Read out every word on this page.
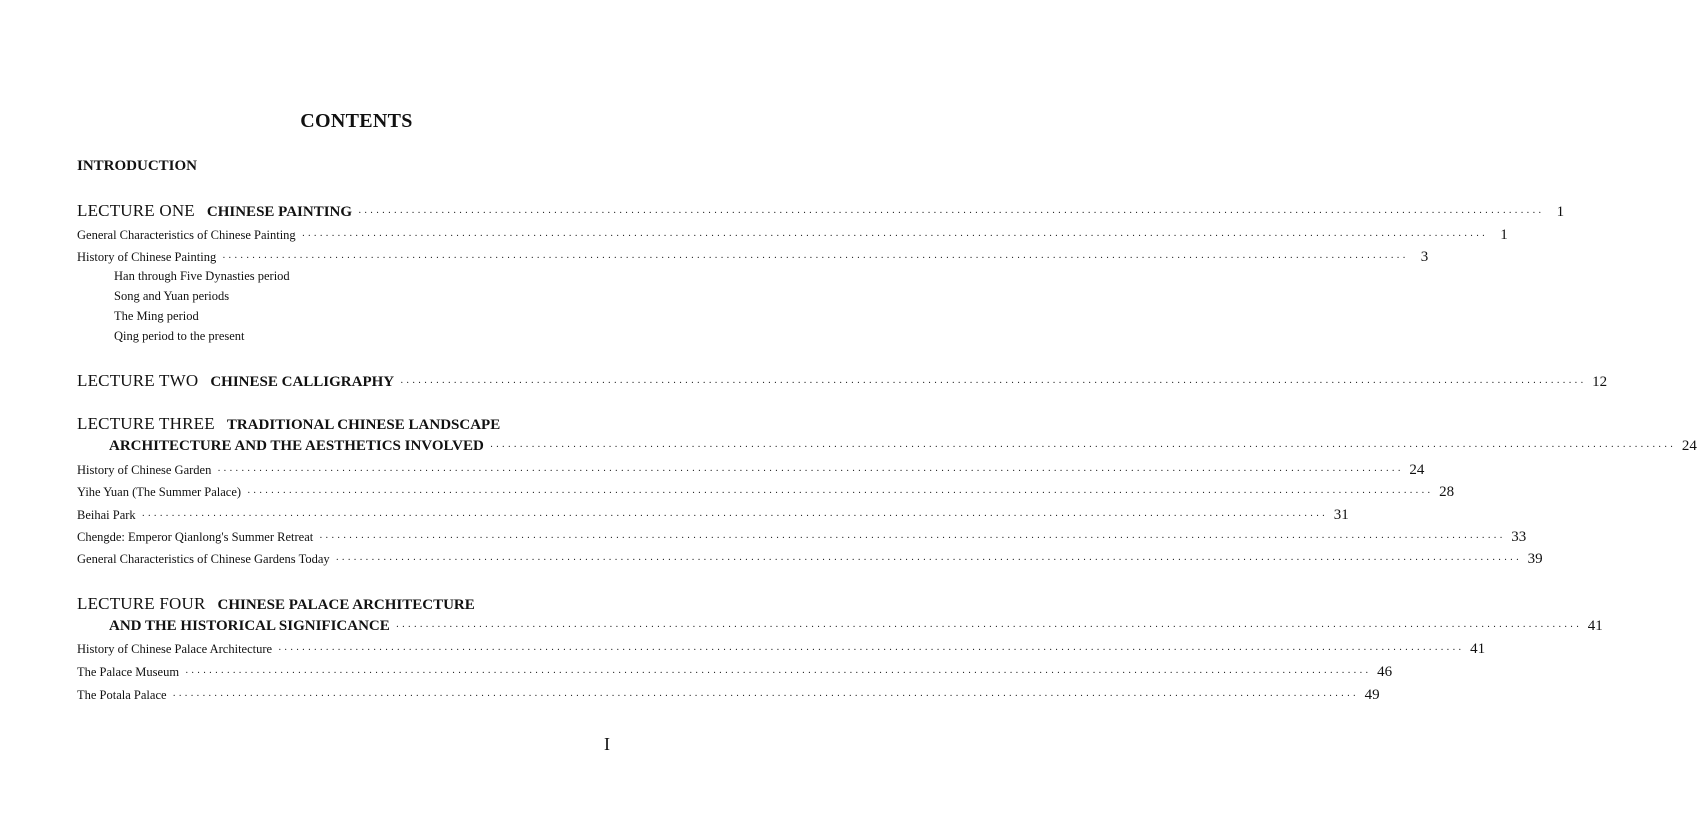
CONTENTS
INTRODUCTION
LECTURE ONE CHINESE PAINTING ········································································································································································································ 1
General Characteristics of Chinese Painting ········································································································································································································ 1
History of Chinese Painting ········································································································································································································ 3
Han through Five Dynasties period
Song and Yuan periods
The Ming period
Qing period to the present
LECTURE TWO CHINESE CALLIGRAPHY ········································································································································································································ 12
LECTURE THREE TRADITIONAL CHINESE LANDSCAPE
ARCHITECTURE AND THE AESTHETICS INVOLVED ········································································································································································································ 24
History of Chinese Garden ········································································································································································································ 24
Yihe Yuan (The Summer Palace) ········································································································································································································ 28
Beihai Park ········································································································································································································ 31
Chengde: Emperor Qianlong's Summer Retreat ········································································································································································································ 33
General Characteristics of Chinese Gardens Today ········································································································································································································ 39
LECTURE FOUR CHINESE PALACE ARCHITECTURE
AND THE HISTORICAL SIGNIFICANCE ········································································································································································································ 41
History of Chinese Palace Architecture ········································································································································································································ 41
The Palace Museum ········································································································································································································ 46
The Potala Palace ········································································································································································································ 49
I
